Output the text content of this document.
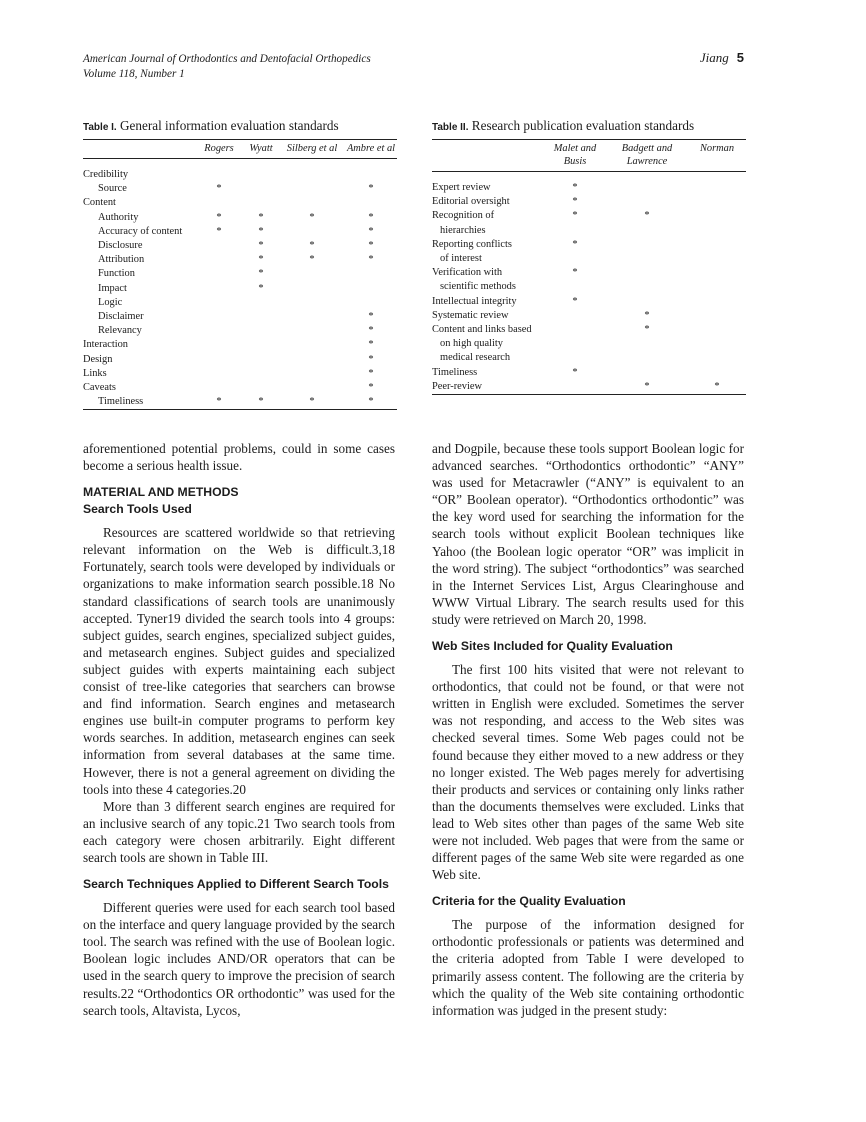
American Journal of Orthodontics and Dentofacial Orthopedics
Volume 118, Number 1
Jiang 5
Table I. General information evaluation standards
	Rogers	Wyatt	Silberg et al	Ambre et al
Credibility				
Source	*			*
Content				
Authority	*	*	*	*
Accuracy of content	*	*		*
Disclosure		*	*	*
Attribution		*	*	*
Function		*		
Impact		*		
Logic				
Disclaimer				*
Relevancy				*
Interaction				*
Design				*
Links				*
Caveats				*
Timeliness	*	*	*	*
Table II. Research publication evaluation standards
	Malet and Busis	Badgett and Lawrence	Norman
Expert review	*		
Editorial oversight	*		
Recognition of	*	*	
hierarchies			
Reporting conflicts	*		
of interest			
Verification with	*		
scientific methods			
Intellectual integrity	*		
Systematic review		*	
Content and links based		*	
on high quality			
medical research			
Timeliness	*		
Peer-review		*	*

aforementioned potential problems, could in some cases become a serious health issue.

MATERIAL AND METHODS
Search Tools Used

Resources are scattered worldwide so that retrieving relevant information on the Web is difficult.3,18 Fortunately, search tools were developed by individuals or organizations to make information search possible.18 No standard classifications of search tools are unanimously accepted. Tyner19 divided the search tools into 4 groups: subject guides, search engines, specialized subject guides, and metasearch engines. Subject guides and specialized subject guides with experts maintaining each subject consist of tree-like categories that searchers can browse and find information. Search engines and metasearch engines use built-in computer programs to perform key words searches. In addition, metasearch engines can seek information from several databases at the same time. However, there is not a general agreement on dividing the tools into these 4 categories.20

More than 3 different search engines are required for an inclusive search of any topic.21 Two search tools from each category were chosen arbitrarily. Eight different search tools are shown in Table III.

Search Techniques Applied to Different Search Tools

Different queries were used for each search tool based on the interface and query language provided by the search tool. The search was refined with the use of Boolean logic. Boolean logic includes AND/OR operators that can be used in the search query to improve the precision of search results.22 “Orthodontics OR orthodontic” was used for the search tools, Altavista, Lycos,

and Dogpile, because these tools support Boolean logic for advanced searches. “Orthodontics orthodontic” “ANY” was used for Metacrawler (“ANY” is equivalent to an “OR” Boolean operator). “Orthodontics orthodontic” was the key word used for searching the information for the search tools without explicit Boolean techniques like Yahoo (the Boolean logic operator “OR” was implicit in the word string). The subject “orthodontics” was searched in the Internet Services List, Argus Clearinghouse and WWW Virtual Library. The search results used for this study were retrieved on March 20, 1998.

Web Sites Included for Quality Evaluation

The first 100 hits visited that were not relevant to orthodontics, that could not be found, or that were not written in English were excluded. Sometimes the server was not responding, and access to the Web sites was checked several times. Some Web pages could not be found because they either moved to a new address or they no longer existed. The Web pages merely for advertising their products and services or containing only links rather than the documents themselves were excluded. Links that lead to Web sites other than pages of the same Web site were not included. Web pages that were from the same or different pages of the same Web site were regarded as one Web site.

Criteria for the Quality Evaluation

The purpose of the information designed for orthodontic professionals or patients was determined and the criteria adopted from Table I were developed to primarily assess content. The following are the criteria by which the quality of the Web site containing orthodontic information was judged in the present study:
